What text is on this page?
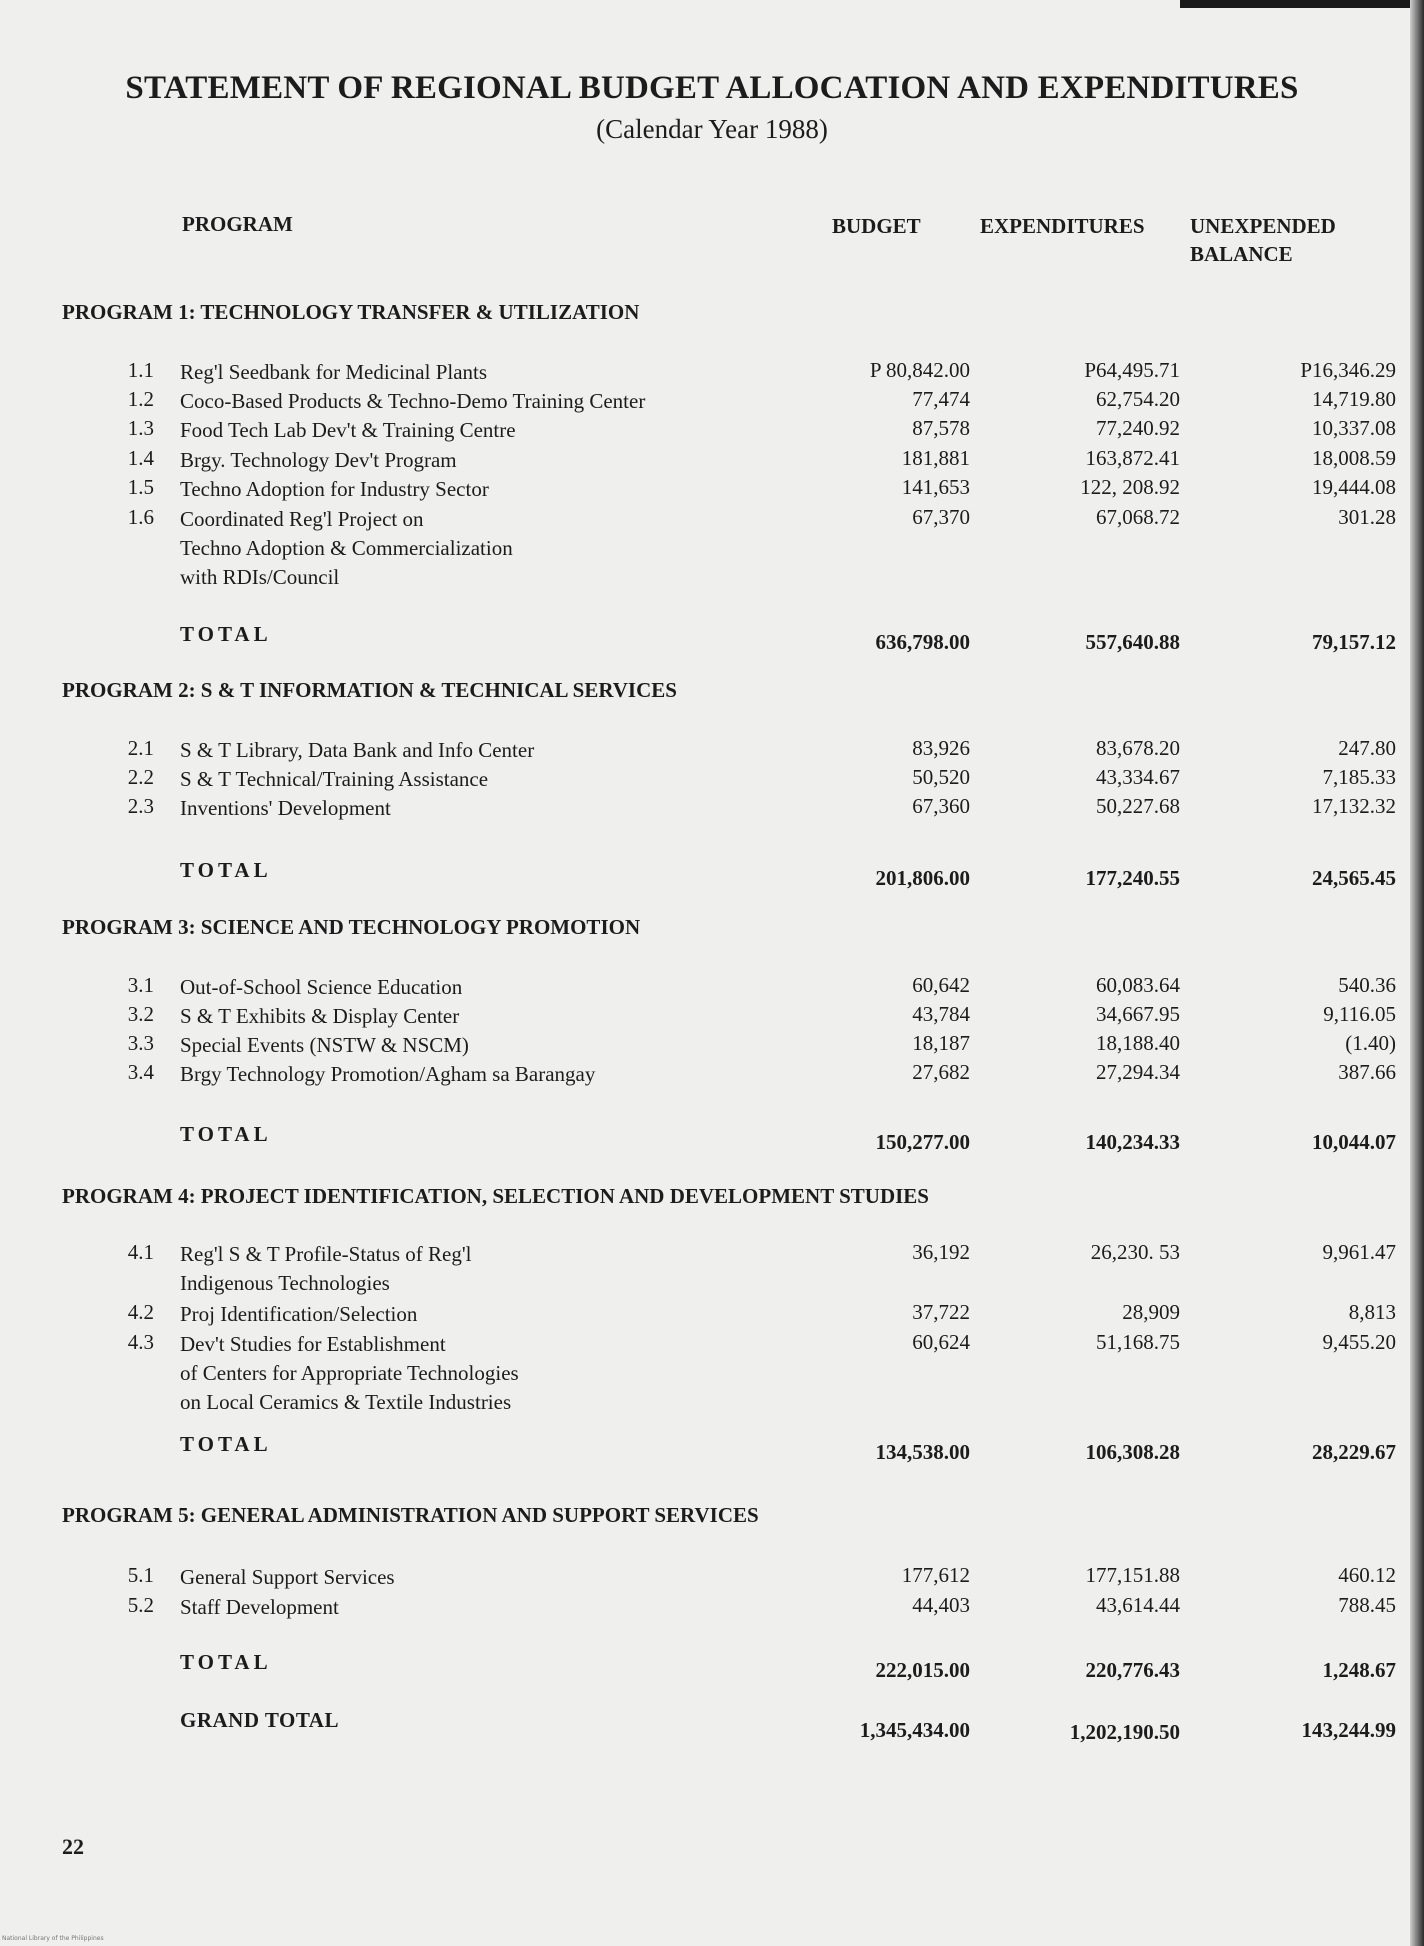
STATEMENT OF REGIONAL BUDGET ALLOCATION AND EXPENDITURES
(Calendar Year 1988)
PROGRAM	BUDGET	EXPENDITURES UNEXPENDED
BALANCE
PROGRAM 1: TECHNOLOGY TRANSFER & UTILIZATION
1.1 Reg'l Seedbank for Medicinal Plants	P 80,842.00	P64,495.71	P16,346.29
1.2 Coco-Based Products & Techno-Demo Training Center	77,474	62,754.20	14,719.80
1.3 Food Tech Lab Dev't & Training Centre	87,578	77,240.92	10,337.08
1.4 Brgy. Technology Dev't Program	181,881	163,872.41	18,008.59
1.5 Techno Adoption for Industry Sector	141,653	122, 208.92	19,444.08
1.6 Coordinated Reg'l Project on
Techno Adoption & Commercialization
with RDIs/Council
67,370	67,068.72	301.28
TOTAL	636,798.00	557,640.88	79,157.12
PROGRAM 2: S & T INFORMATION & TECHNICAL SERVICES
2.1 S & T Library, Data Bank and Info Center	83,926	83,678.20	247.80
2.2 S & T Technical/Training Assistance	50,520	43,334.67	7,185.33
2.3 Inventions' Development	67,360	50,227.68	17,132.32
TOTAL	201,806.00	177,240.55	24,565.45
PROGRAM 3: SCIENCE AND TECHNOLOGY PROMOTION
3.1 Out-of-School Science Education	60,642	60,083.64	540.36
3.2 S & T Exhibits & Display Center	43,784	34,667.95	9,116.05
3.3 Special Events (NSTW & NSCM)	18,187	18,188.40	(1.40)
3.4 Brgy Technology Promotion/Agham sa Barangay	27,682	27,294.34	387.66
TOTAL	150,277.00	140,234.33	10,044.07
PROGRAM 4: PROJECT IDENTIFICATION, SELECTION AND DEVELOPMENT STUDIES
4.1 Reg'l S & T Profile-Status of Reg'l
Indigenous Technologies
36,192	26,230. 53	9,961.47
4.2 Proj Identification/Selection	37,722	28,909	8,813
4.3 Dev't Studies for Establishment
of Centers for Appropriate Technologies
on Local Ceramics & Textile Industries
60,624	51,168.75	9,455.20
TOTAL	134,538.00	106,308.28	28,229.67
PROGRAM 5: GENERAL ADMINISTRATION AND SUPPORT SERVICES
5.1 General Support Services	177,612	177,151.88	460.12
5.2 Staff Development	44,403	43,614.44	788.45
TOTAL	222,015.00	220,776.43	1,248.67
GRAND TOTAL	1,345,434.00	1,202,190.50	143,244.99
22
National Library of the Philippines
